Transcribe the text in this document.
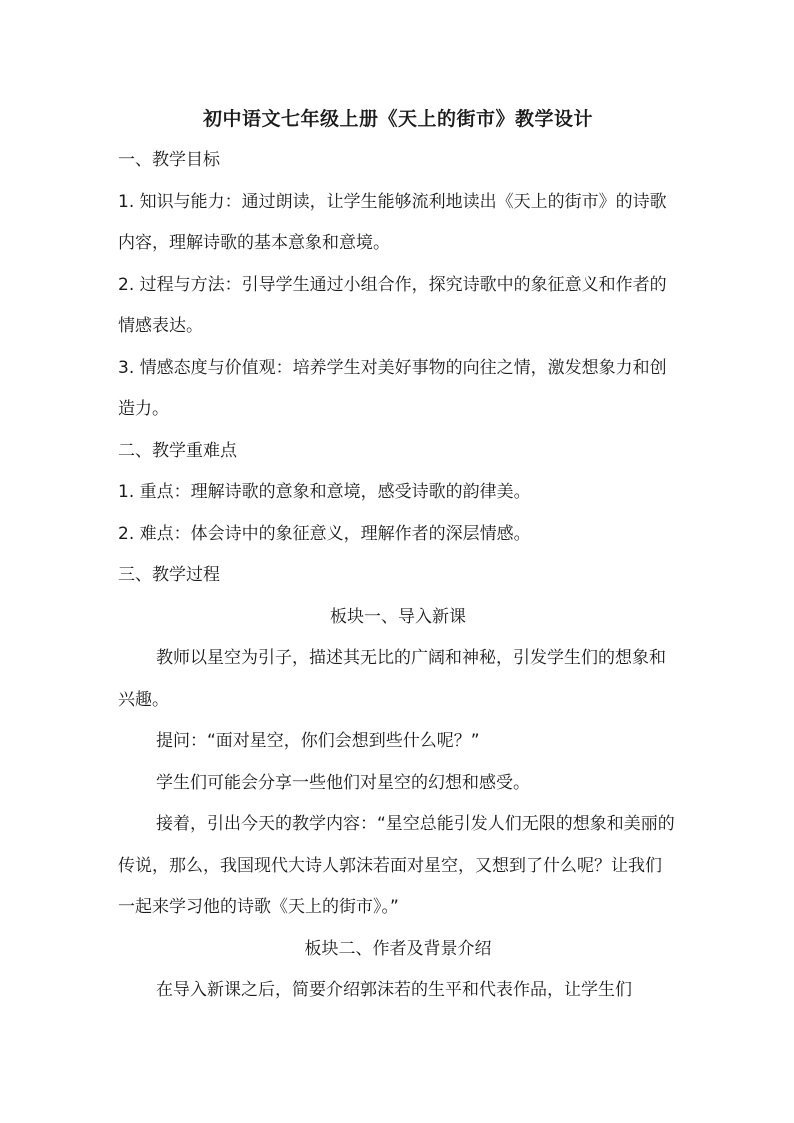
初中语文七年级上册《天上的街市》教学设计

一、教学目标

1. 知识与能力：通过朗读，让学生能够流利地读出《天上的街市》的诗歌内容，理解诗歌的基本意象和意境。

2. 过程与方法：引导学生通过小组合作，探究诗歌中的象征意义和作者的情感表达。

3. 情感态度与价值观：培养学生对美好事物的向往之情，激发想象力和创造力。

二、教学重难点

1. 重点：理解诗歌的意象和意境，感受诗歌的韵律美。

2. 难点：体会诗中的象征意义，理解作者的深层情感。

三、教学过程

板块一、导入新课

教师以星空为引子，描述其无比的广阔和神秘，引发学生们的想象和兴趣。

提问：“面对星空，你们会想到些什么呢？”

学生们可能会分享一些他们对星空的幻想和感受。

接着，引出今天的教学内容：“星空总能引发人们无限的想象和美丽的传说，那么，我国现代大诗人郭沫若面对星空，又想到了什么呢？让我们一起来学习他的诗歌《天上的街市》。”

板块二、作者及背景介绍

在导入新课之后，简要介绍郭沫若的生平和代表作品，让学生们
